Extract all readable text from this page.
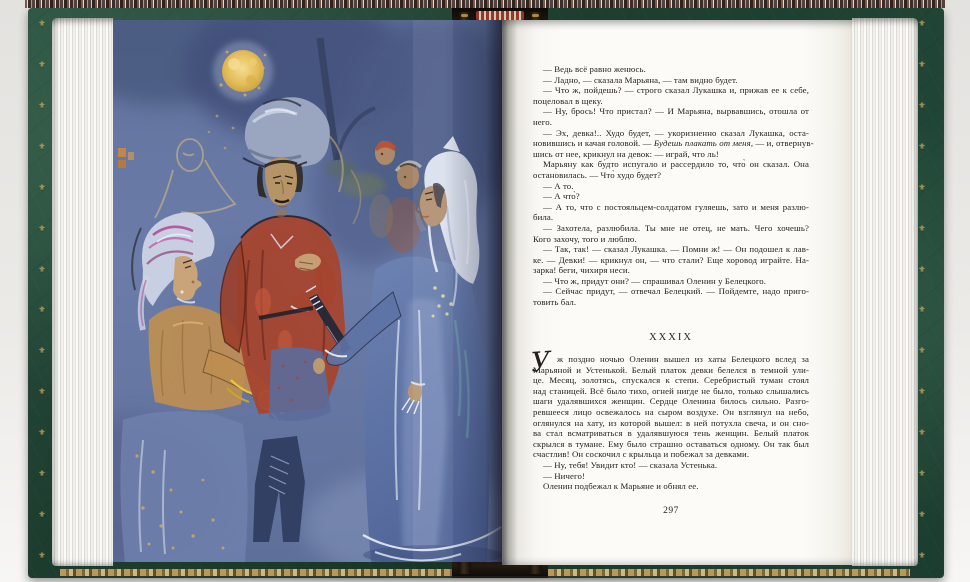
⚜
⚜
⚜
⚜
⚜
⚜
⚜
⚜
⚜
⚜
⚜
⚜
⚜
⚜
⚜
⚜
⚜
⚜
⚜
⚜
⚜
⚜
⚜
⚜
⚜
⚜
⚜
⚜
— Ведь всё равно женюсь.
— Ладно, — сказала Марьяна, — там видно будет.
— Что ж, пойдешь? — строго сказал Лукашка и, прижав ее к себе,
поцеловал в щеку.
— Ну, брось! Что пристал? — И Марьяна, вырвавшись, отошла от
него.
— Эх, девка!.. Худо будет, — укоризненно сказал Лукашка, оста-
новившись и качая головой. — Будешь плакать от меня, — и, отвернув-
шись от нее, крикнул на девок: — играй, что ль!
Марьяну как бу́дто испугало и рассердило то, что̀ он сказал. Она
остановилась. — Что̀ худо будет?
— А то.
— А что̀?
— А то, что с постояльцем-солдатом гуляешь, зато и меня разлю-
била.
— Захотела, разлюбила. Ты мне не отец, не мать. Чего хочешь?
Кого захочу, того и люблю.
— Так, так! — сказал Лукашка. — Помни ж! — Он подошел к лав-
ке. — Девки! — крикнул он, — что стали? Еще хоровод играйте. На-
зарка! беги, чихиря неси.
— Что ж, придут они? — спрашивал Оленин у Белецкого.
— Сейчас придут, — отвечал Белецкий. — Пойдемте, надо приго-
товить бал.
XXXIX
У ж поздно ночью Оленин вышел из хаты Белецкого вслед за
Марьяной и Устенькой. Белый платок девки белелся в темной ули-
це. Месяц, золотясь, спускался к степи. Серебристый туман стоял
над станицей. Всё было тихо, огней нигде не было, только слышались
шаги удалявшихся женщин. Сердце Оленина билось сильно. Разго-
ревшееся лицо освежалось на сыром воздухе. Он взглянул на небо,
оглянулся на хату, из которой вышел: в ней потухла свеча, и он сно-
ва стал всматриваться в удалявшуюся тень женщин. Белый платок
скрылся в тумане. Ему было страшно оставаться одному. Он так был
счастлив! Он соскочил с крыльца и побежал за девками.
— Ну, тебя! Увидит кто! — сказала Устенька.
— Ничего!
Оленин подбежал к Марьяне и обнял ее.
297
